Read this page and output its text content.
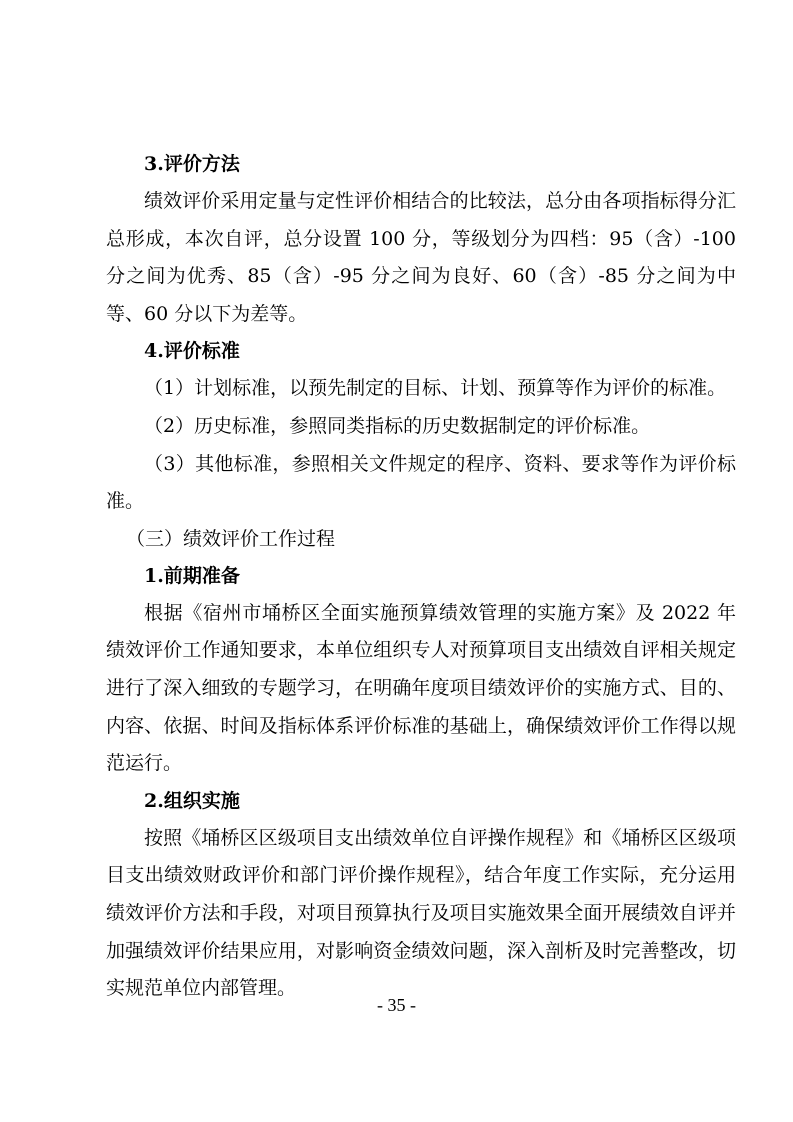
3.评价方法

绩效评价采用定量与定性评价相结合的比较法，总分由各项指标得分汇总形成，本次自评，总分设置 100 分，等级划分为四档：95（含）-100 分之间为优秀、85（含）-95 分之间为良好、60（含）-85 分之间为中等、60 分以下为差等。

4.评价标准

（1）计划标准，以预先制定的目标、计划、预算等作为评价的标准。

（2）历史标准，参照同类指标的历史数据制定的评价标准。

（3）其他标准，参照相关文件规定的程序、资料、要求等作为评价标准。

（三）绩效评价工作过程
1.前期准备

根据《宿州市埇桥区全面实施预算绩效管理的实施方案》及 2022 年绩效评价工作通知要求，本单位组织专人对预算项目支出绩效自评相关规定进行了深入细致的专题学习，在明确年度项目绩效评价的实施方式、目的、内容、依据、时间及指标体系评价标准的基础上，确保绩效评价工作得以规范运行。

2.组织实施

按照《埇桥区区级项目支出绩效单位自评操作规程》和《埇桥区区级项目支出绩效财政评价和部门评价操作规程》，结合年度工作实际，充分运用绩效评价方法和手段，对项目预算执行及项目实施效果全面开展绩效自评并加强绩效评价结果应用，对影响资金绩效问题，深入剖析及时完善整改，切实规范单位内部管理。

- 35 -
